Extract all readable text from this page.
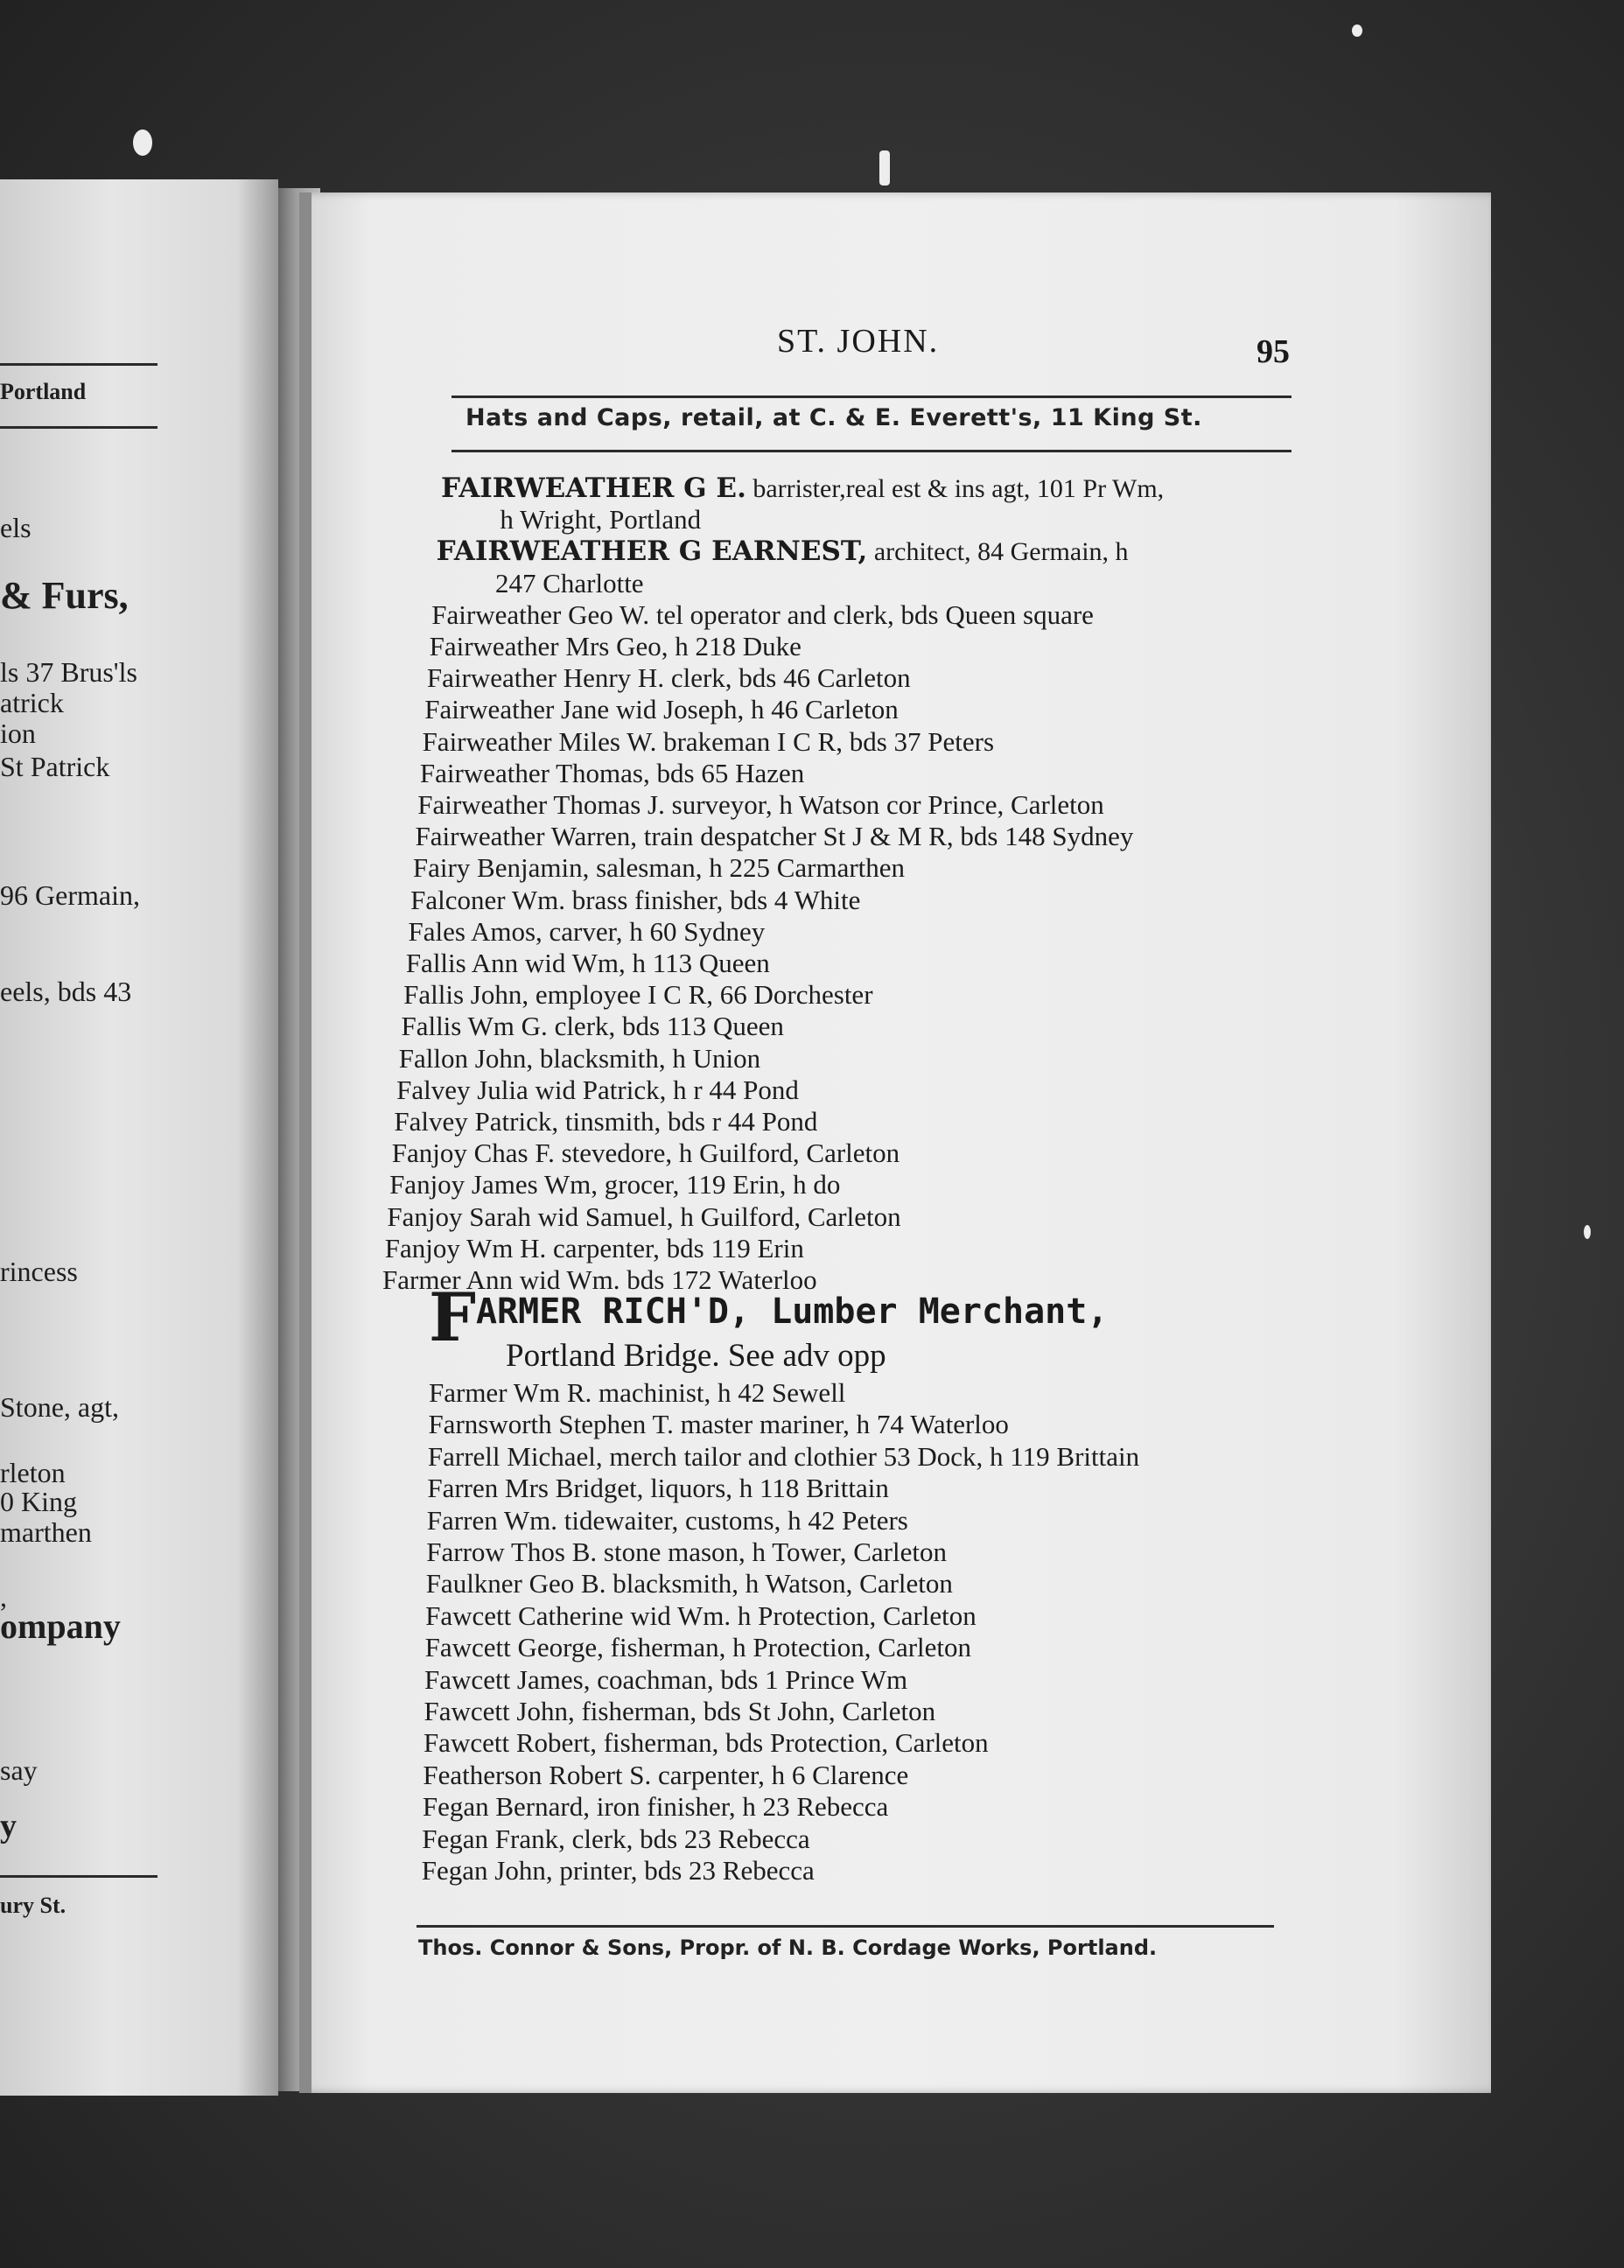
Portland
els
& Furs,
ls 37 Brus'ls
atrick
ion
St Patrick
96 Germain,
eels, bds 43
rincess
Stone, agt,
rleton
0 King
marthen
,
ompany
say
y
ury St.
ST. JOHN.	95
Hats and Caps, retail, at C. & E. Everett's, 11 King St.
FAIRWEATHER G E. barrister,real est & ins agt, 101 Pr Wm,
h Wright, Portland
FAIRWEATHER G EARNEST, architect, 84 Germain, h
247 Charlotte
Fairweather Geo W. tel operator and clerk, bds Queen square
Fairweather Mrs Geo, h 218 Duke
Fairweather Henry H. clerk, bds 46 Carleton
Fairweather Jane wid Joseph, h 46 Carleton
Fairweather Miles W. brakeman I C R, bds 37 Peters
Fairweather Thomas, bds 65 Hazen
Fairweather Thomas J. surveyor, h Watson cor Prince, Carleton
Fairweather Warren, train despatcher St J & M R, bds 148 Sydney
Fairy Benjamin, salesman, h 225 Carmarthen
Falconer Wm. brass finisher, bds 4 White
Fales Amos, carver, h 60 Sydney
Fallis Ann wid Wm, h 113 Queen
Fallis John, employee I C R, 66 Dorchester
Fallis Wm G. clerk, bds 113 Queen
Fallon John, blacksmith, h Union
Falvey Julia wid Patrick, h r 44 Pond
Falvey Patrick, tinsmith, bds r 44 Pond
Fanjoy Chas F. stevedore, h Guilford, Carleton
Fanjoy James Wm, grocer, 119 Erin, h do
Fanjoy Sarah wid Samuel, h Guilford, Carleton
Fanjoy Wm H. carpenter, bds 119 Erin
Farmer Ann wid Wm. bds 172 Waterloo
FARMER RICH'D, Lumber Merchant,
Portland Bridge. See adv opp
Farmer Wm R. machinist, h 42 Sewell
Farnsworth Stephen T. master mariner, h 74 Waterloo
Farrell Michael, merch tailor and clothier 53 Dock, h 119 Brittain
Farren Mrs Bridget, liquors, h 118 Brittain
Farren Wm. tidewaiter, customs, h 42 Peters
Farrow Thos B. stone mason, h Tower, Carleton
Faulkner Geo B. blacksmith, h Watson, Carleton
Fawcett Catherine wid Wm. h Protection, Carleton
Fawcett George, fisherman, h Protection, Carleton
Fawcett James, coachman, bds 1 Prince Wm
Fawcett John, fisherman, bds St John, Carleton
Fawcett Robert, fisherman, bds Protection, Carleton
Featherson Robert S. carpenter, h 6 Clarence
Fegan Bernard, iron finisher, h 23 Rebecca
Fegan Frank, clerk, bds 23 Rebecca
Fegan John, printer, bds 23 Rebecca
Thos. Connor & Sons, Propr. of N. B. Cordage Works, Portland.
